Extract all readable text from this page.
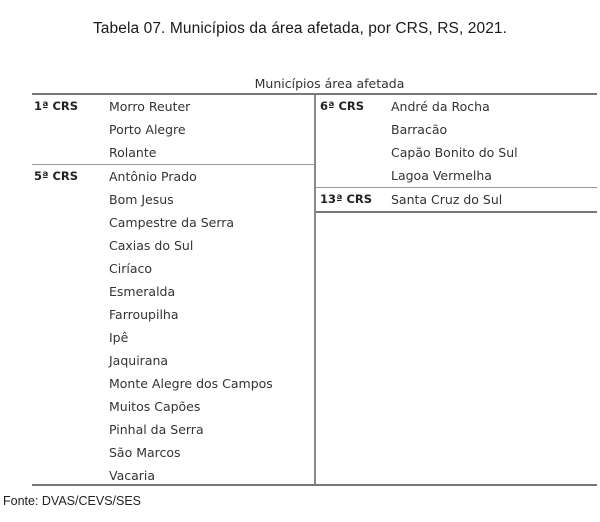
Tabela 07. Municípios da área afetada, por CRS, RS, 2021.
Municípios área afetada
1ª CRS	Morro Reuter
Porto Alegre
Rolante
5ª CRS	Antônio Prado
Bom Jesus
Campestre da Serra
Caxias do Sul
Ciríaco
Esmeralda
Farroupilha
Ipê
Jaquirana
Monte Alegre dos Campos
Muitos Capões
Pinhal da Serra
São Marcos
Vacaria
6ª CRS	André da Rocha
Barracão
Capão Bonito do Sul
Lagoa Vermelha
13ª CRS	Santa Cruz do Sul
Fonte: DVAS/CEVS/SES
